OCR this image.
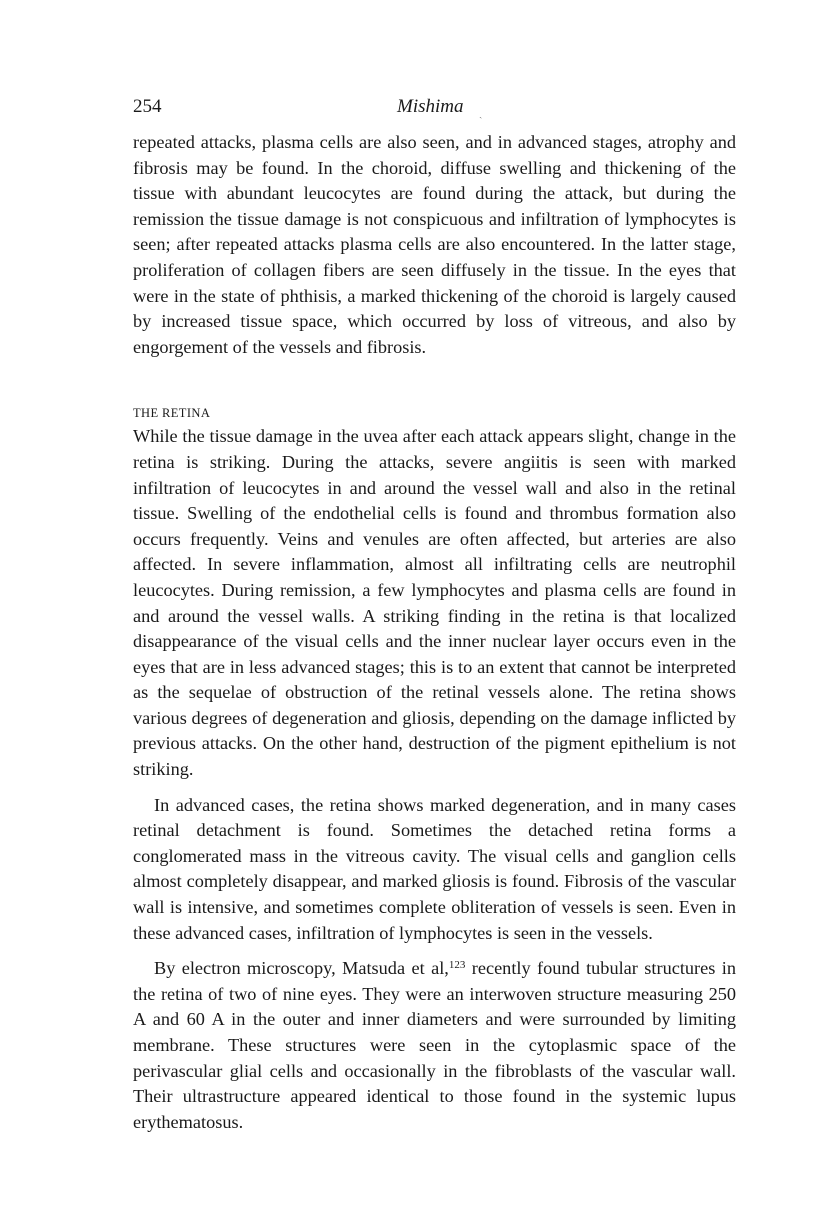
254	Mishima ˎ

repeated attacks, plasma cells are also seen, and in advanced stages, atrophy and fibrosis may be found. In the choroid, diffuse swelling and thickening of the tissue with abundant leucocytes are found during the attack, but during the remission the tissue damage is not conspicuous and infiltration of lymphocytes is seen; after repeated attacks plasma cells are also encountered. In the latter stage, proliferation of collagen fibers are seen diffusely in the tissue. In the eyes that were in the state of phthisis, a marked thickening of the choroid is largely caused by increased tissue space, which occurred by loss of vitreous, and also by engorgement of the vessels and fibrosis.

THE RETINA

While the tissue damage in the uvea after each attack appears slight, change in the retina is striking. During the attacks, severe angiitis is seen with marked infiltration of leucocytes in and around the vessel wall and also in the retinal tissue. Swelling of the endothelial cells is found and thrombus formation also occurs frequently. Veins and venules are often affected, but arteries are also affected. In severe inflammation, almost all infiltrating cells are neutrophil leucocytes. During remission, a few lymphocytes and plasma cells are found in and around the vessel walls. A striking finding in the retina is that localized disappearance of the visual cells and the inner nuclear layer occurs even in the eyes that are in less advanced stages; this is to an extent that cannot be interpreted as the sequelae of obstruction of the retinal vessels alone. The retina shows various degrees of degeneration and gliosis, depending on the damage inflicted by previous attacks. On the other hand, destruction of the pigment epithelium is not striking.

In advanced cases, the retina shows marked degeneration, and in many cases retinal detachment is found. Sometimes the detached retina forms a conglomerated mass in the vitreous cavity. The visual cells and ganglion cells almost completely disappear, and marked gliosis is found. Fibrosis of the vascular wall is intensive, and sometimes complete obliteration of vessels is seen. Even in these advanced cases, infiltration of lymphocytes is seen in the vessels.

By electron microscopy, Matsuda et al,$^{123}$ recently found tubular structures in the retina of two of nine eyes. They were an interwoven structure measuring 250 A and 60 A in the outer and inner diameters and were surrounded by limiting membrane. These structures were seen in the cytoplasmic space of the perivascular glial cells and occasionally in the fibroblasts of the vascular wall. Their ultrastructure appeared identical to those found in the systemic lupus erythematosus.
